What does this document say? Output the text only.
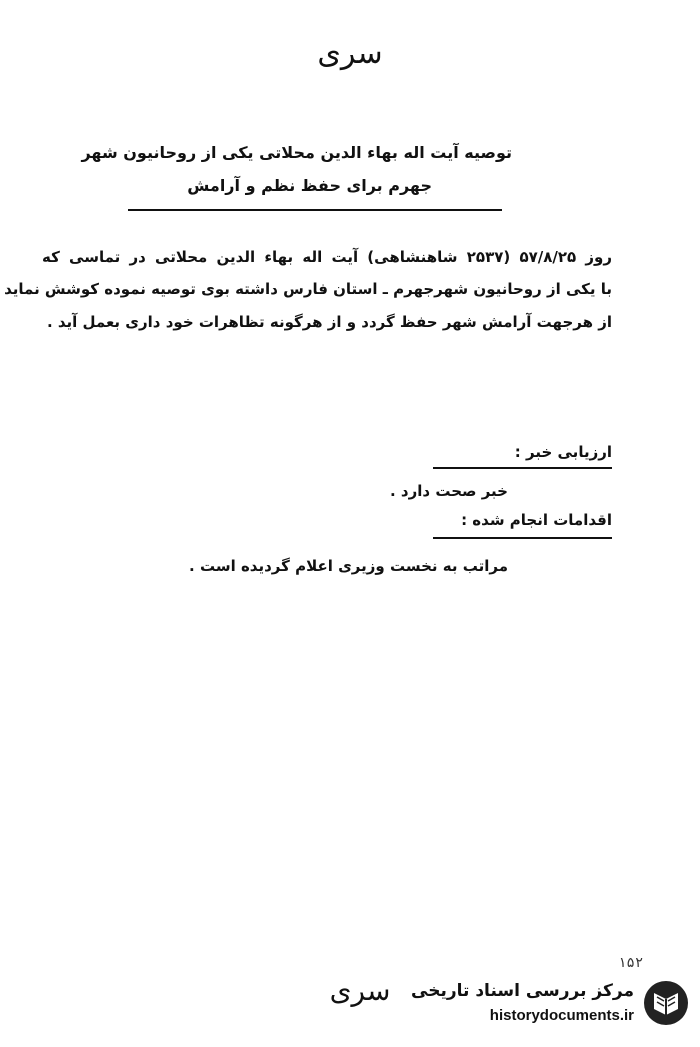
سری
توصیه آیت اله بهاء الدین محلاتی یکی از روحانیون شهر
جهرم برای حفظ نظم و آرامش
روز ۵۷/۸/۲۵ (۲۵۳۷ شاهنشاهی) آیت اله بهاء الدین محلاتی در تماسی که
با یکی از روحانیون شهرجهرم ـ استان فارس داشته بوی توصیه نموده کوشش نماید
از هرجهت آرامش شهر حفظ گردد و از هرگونه تظاهرات خود داری بعمل آید .
ارزیابی خبر :
خبر صحت دارد .
اقدامات انجام شده :
مراتب به نخست وزیری اعلام گردیده است .
۱۵۲
سری	مرکز بررسی اسناد تاریخی
historydocuments.ir
